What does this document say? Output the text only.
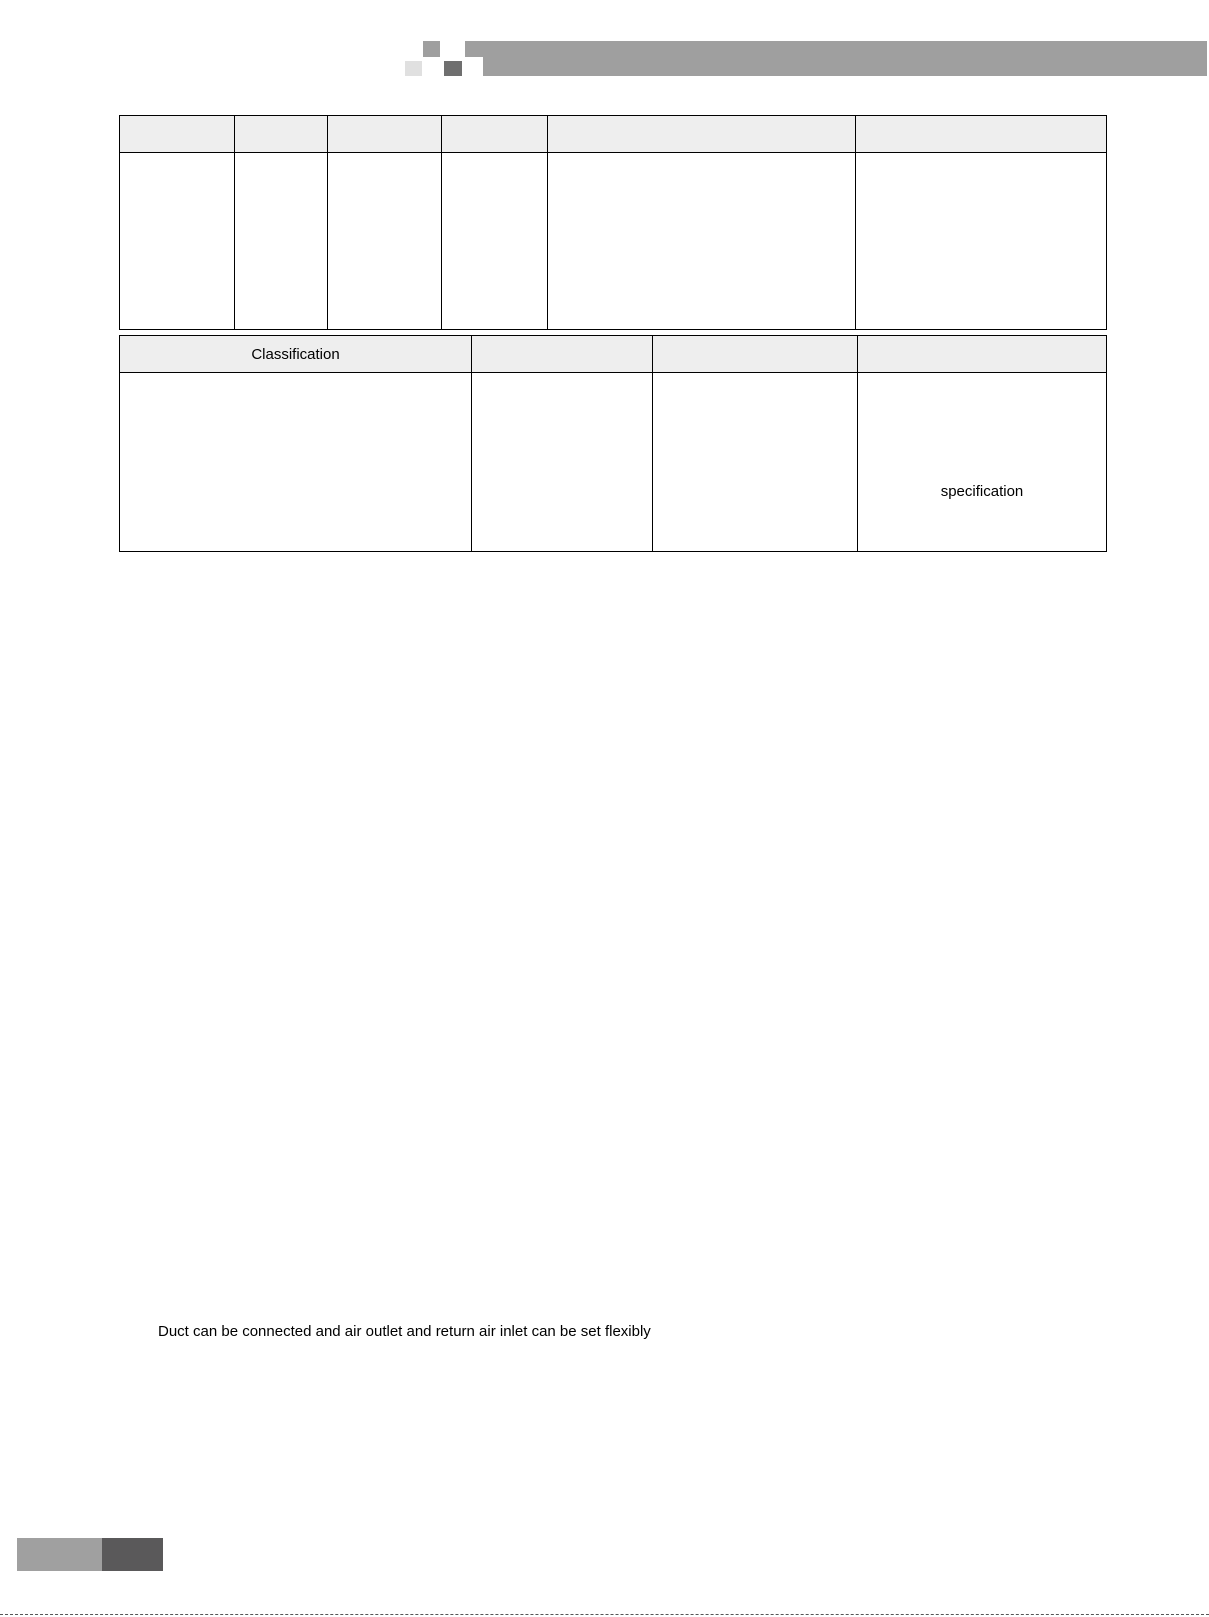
Classification			

			specification
Duct can be connected and air outlet and return air inlet can be set flexibly
